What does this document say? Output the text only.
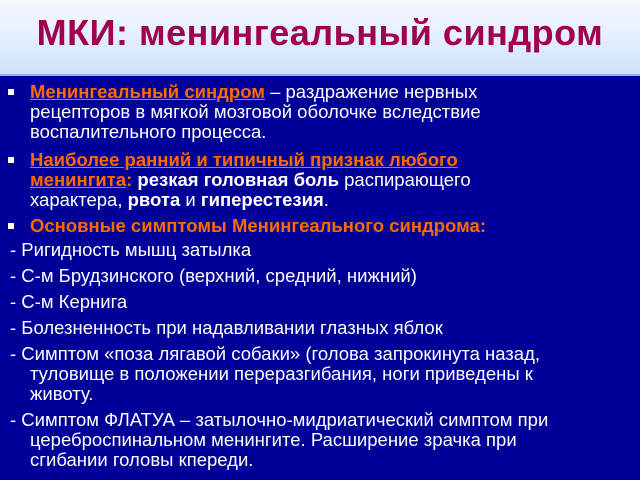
МКИ: менингеальный синдром
Менингеальный синдром – раздражение нервных
рецепторов в мягкой мозговой оболочке вследствие
воспалительного процесса.
Наиболее ранний и типичный признак любого
менингита: резкая головная боль распирающего
характера, рвота и гиперестезия.
Основные симптомы Менингеального синдрома:
- Ригидность мышц затылка
- С-м Брудзинского (верхний, средний, нижний)
- С-м Кернига
- Болезненность при надавливании глазных яблок
- Симптом «поза лягавой собаки» (голова запрокинута назад,
туловище в положении переразгибания, ноги приведены к
животу.
- Симптом ФЛАТУА – затылочно-мидриатический симптом при
цереброспинальном менингите. Расширение зрачка при
сгибании головы кпереди.
